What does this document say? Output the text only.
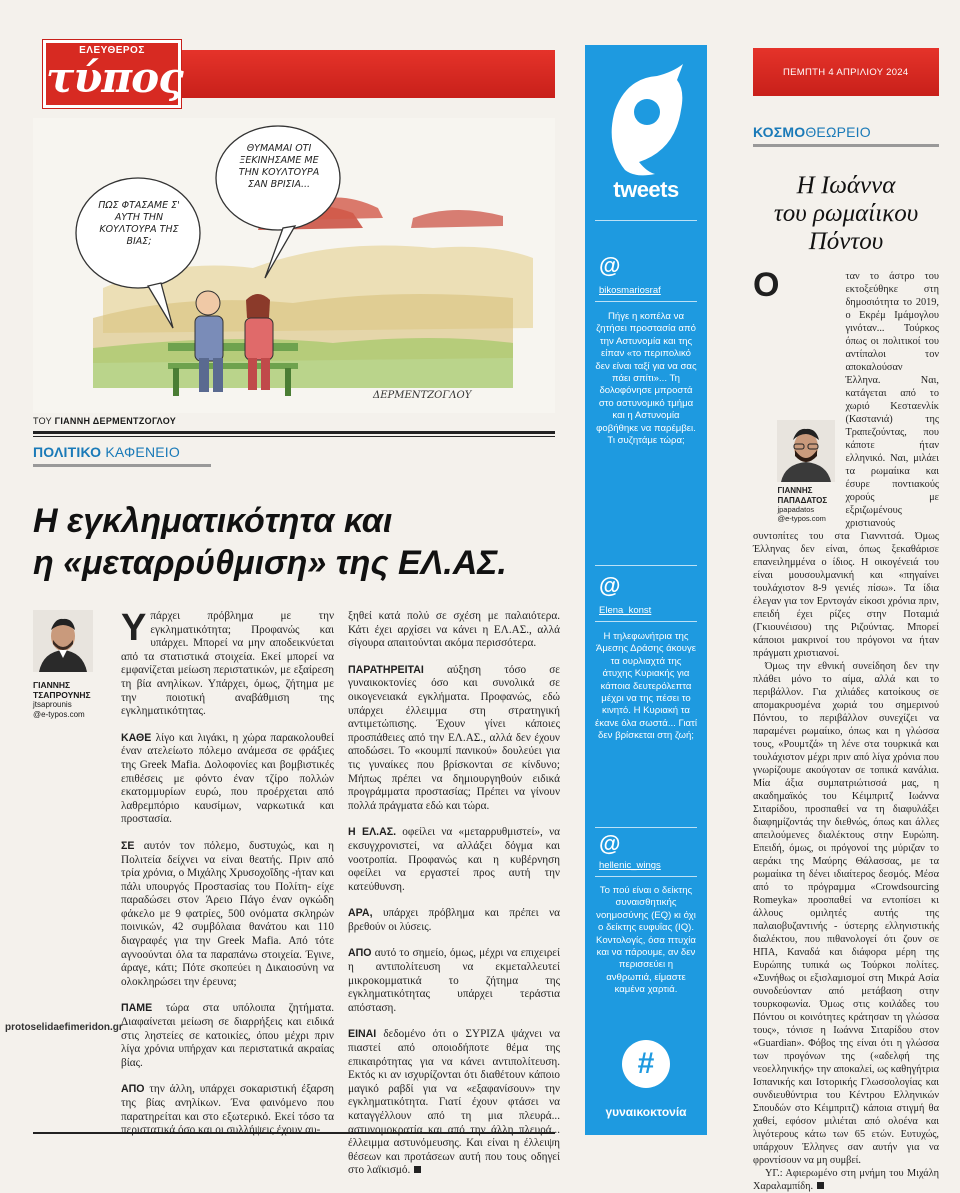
ΕΛΕΥΘΕΡΟΣ
τύπος
ΠΩΣ ΦΤΑΣΑΜΕ Σ' ΑΥΤΗ ΤΗΝ ΚΟΥΛΤΟΥΡΑ ΤΗΣ ΒΙΑΣ;
ΘΥΜΑΜΑΙ ΟΤΙ ΞΕΚΙΝΗΣΑΜΕ ΜΕ ΤΗΝ ΚΟΥΛΤΟΥΡΑ ΣΑΝ ΒΡΙΣΙΑ...
ΔΕΡΜΕΝΤΖΟΓΛΟΥ
ΤΟΥ ΓΙΑΝΝΗ ΔΕΡΜΕΝΤΖΟΓΛΟΥ
ΠΟΛΙΤΙΚΟ ΚΑΦΕΝΕΙΟ
Η εγκληματικότητα και
η «μεταρρύθμιση» της ΕΛ.ΑΣ.
ΓΙΑΝΝΗΣ
ΤΣΑΠΡΟΥΝΗΣ
jtsaprounis
@e-typos.com

Υπάρχει πρόβλημα με την εγκληματικότητα; Προφανώς και υπάρχει. Μπορεί να μην αποδεικνύεται από τα στατιστικά στοιχεία. Εκεί μπορεί να εμφανίζεται μείωση περιστατικών, με εξαίρεση τη βία ανηλίκων. Υπάρχει, όμως, ζήτημα με την ποιοτική αναβάθμιση της εγκληματικότητας.

ΚΑΘΕ λίγο και λιγάκι, η χώρα παρακολουθεί έναν ατελείωτο πόλεμο ανάμεσα σε φράξιες της Greek Mafia. Δολοφονίες και βομβιστικές επιθέσεις με φόντο έναν τζίρο πολλών εκατομμυρίων ευρώ, που προέρχεται από λαθρεμπόριο καυσίμων, ναρκωτικά και προστασία.

ΣΕ αυτόν τον πόλεμο, δυστυχώς, και η Πολιτεία δείχνει να είναι θεατής. Πριν από τρία χρόνια, ο Μιχάλης Χρυσοχοΐδης -ήταν και πάλι υπουργός Προστασίας του Πολίτη- είχε παραδώσει στον Άρειο Πάγο έναν ογκώδη φάκελο με 9 φατρίες, 500 ονόματα σκληρών ποινικών, 42 συμβόλαια θανάτου και 110 διαγραφές για την Greek Mafia. Από τότε αγνοούνται όλα τα παραπάνω στοιχεία. Έγινε, άραγε, κάτι; Πότε σκοπεύει η Δικαιοσύνη να ολοκληρώσει την έρευνα;

ΠΑΜΕ τώρα στα υπόλοιπα ζητήματα. Διαφαίνεται μείωση σε διαρρήξεις και ειδικά στις ληστείες σε κατοικίες, όπου μέχρι πριν λίγα χρόνια υπήρχαν και περιστατικά ακραίας βίας.

ΑΠΟ την άλλη, υπάρχει σοκαριστική έξαρση της βίας ανηλίκων. Ένα φαινόμενο που παρατηρείται και στο εξωτερικό. Εκεί τόσο τα περιστατικά όσο και οι συλλήψεις έχουν αυ-

ξηθεί κατά πολύ σε σχέση με παλαιότερα. Κάτι έχει αρχίσει να κάνει η ΕΛ.ΑΣ., αλλά σίγουρα απαιτούνται ακόμα περισσότερα.

ΠΑΡΑΤΗΡΕΙΤΑΙ αύξηση τόσο σε γυναικοκτονίες όσο και συνολικά σε οικογενειακά εγκλήματα. Προφανώς, εδώ υπάρχει έλλειμμα στη στρατηγική αντιμετώπισης. Έχουν γίνει κάποιες προσπάθειες από την ΕΛ.ΑΣ., αλλά δεν έχουν αποδώσει. Το «κουμπί πανικού» δουλεύει για τις γυναίκες που βρίσκονται σε κίνδυνο; Μήπως πρέπει να δημιουργηθούν ειδικά προγράμματα προστασίας; Πρέπει να γίνουν πολλά πράγματα εδώ και τώρα.

Η ΕΛ.ΑΣ. οφείλει να «μεταρρυθμιστεί», να εκσυγχρονιστεί, να αλλάξει δόγμα και νοοτροπία. Προφανώς και η κυβέρνηση οφείλει να εργαστεί προς αυτή την κατεύθυνση.

ΑΡΑ, υπάρχει πρόβλημα και πρέπει να βρεθούν οι λύσεις.

ΑΠΟ αυτό το σημείο, όμως, μέχρι να επιχειρεί η αντιπολίτευση να εκμεταλλευτεί μικροκομματικά το ζήτημα της εγκληματικότητας υπάρχει τεράστια απόσταση.

ΕΙΝΑΙ δεδομένο ότι ο ΣΥΡΙΖΑ ψάχνει να πιαστεί από οποιοδήποτε θέμα της επικαιρότητας για να κάνει αντιπολίτευση. Εκτός κι αν ισχυρίζονται ότι διαθέτουν κάποιο μαγικό ραβδί για να «εξαφανίσουν» την εγκληματικότητα. Γιατί έχουν φτάσει να καταγγέλλουν από τη μια πλευρά... αστυνομοκρατία και από την άλλη πλευρά... έλλειμμα αστυνόμευσης. Και είναι η έλλειψη θέσεων και προτάσεων αυτή που τους οδηγεί στο λαϊκισμό.

protoselidaefimeridon.gr
tweets
@
bikosmariosraf
Πήγε η κοπέλα να ζητήσει προστασία από την Αστυνομία και της είπαν «το περιπολικό δεν είναι ταξί για να σας πάει σπίτι»... Τη δολοφόνησε μπροστά στο αστυνομικό τμήμα και η Αστυνομία φοβήθηκε να παρέμβει. Τι συζητάμε τώρα;
@
Elena_konst
Η τηλεφωνήτρια της Άμεσης Δράσης άκουγε τα ουρλιαχτά της άτυχης Κυριακής για κάποια δευτερόλεπτα μέχρι να της πέσει το κινητό. Η Κυριακή τα έκανε όλα σωστά... Γιατί δεν βρίσκεται στη ζωή;
@
hellenic_wings
Το πού είναι ο δείκτης συναισθητικής νοημοσύνης (EQ) κι όχι ο δείκτης ευφυΐας (IQ). Κοντολογίς, όσα πτυχία και να πάρουμε, αν δεν περισσεύει η ανθρωπιά, είμαστε καμένα χαρτιά.
#
γυναικοκτονία
ΠΕΜΠΤΗ 4 ΑΠΡΙΛΙΟΥ 2024
ΚΟΣΜΟΘΕΩΡΕΙΟ
Η Ιωάννα
του ρωμαίικου
Πόντου

Ο
ΓΙΑΝΝΗΣ
ΠΑΠΑΔΑΤΟΣ
jpapadatos
@e-typos.com
ταν το άστρο του εκτοξεύθηκε στη δημοσιότητα το 2019, ο Εκρέμ Ιμάμογλου γινόταν... Τούρκος όπως οι πολιτικοί του αντίπαλοι τον αποκαλούσαν Έλληνα. Ναι, κατάγεται από το χωριό Κεσταενλίκ (Καστανιά) της Τραπεζούντας, που κάποτε ήταν ελληνικό. Ναι, μιλάει τα ρωμαίικα και έσυρε ποντιακούς χορούς με εξριζωμένους χριστιανούς συντοπίτες του στα Γιαννιτσά. Όμως Έλληνας δεν είναι, όπως ξεκαθάρισε επανειλημμένα ο ίδιος. Η οικογένειά του είναι μουσουλμανική και «πηγαίνει τουλάχιστον 8-9 γενιές πίσω». Τα ίδια έλεγαν για τον Ερντογάν είκοσι χρόνια πριν, επειδή έχει ρίζες στην Ποταμιά (Γκιουνέισου) της Ριζούντας. Μπορεί κάποιοι μακρινοί του πρόγονοι να ήταν πράγματι χριστιανοί.

Όμως την εθνική συνείδηση δεν την πλάθει μόνο το αίμα, αλλά και το περιβάλλον. Για χιλιάδες κατοίκους σε απομακρυσμένα χωριά του σημερινού Πόντου, το περιβάλλον συνεχίζει να παραμένει ρωμαίικο, όπως και η γλώσσα τους, «Ρουμτζά» τη λένε στα τουρκικά και τουλάχιστον μέχρι πριν από λίγα χρόνια που γνωρίζουμε ακούγοταν σε τοπικά κανάλια. Μία άξια συμπατριώτισσά μας, η ακαδημαϊκός του Κέιμπριτζ Ιωάννα Σιταρίδου, προσπαθεί να τη διαφυλάξει διαφημίζοντάς την διεθνώς, όπως και άλλες απειλούμενες διαλέκτους στην Ευρώπη. Επειδή, όμως, οι πρόγονοί της μύριζαν το αεράκι της Μαύρης Θάλασσας, με τα ρωμαίικα τη δένει ιδιαίτερος δεσμός. Μέσα από το πρόγραμμα «Crowdsourcing Romeyka» προσπαθεί να εντοπίσει κι άλλους ομιλητές αυτής της παλαιοβυζαντινής - ύστερης ελληνιστικής διαλέκτου, που πιθανολογεί ότι ζουν σε ΗΠΑ, Καναδά και διάφορα μέρη της Ευρώπης τυπικά ως Τούρκοι πολίτες. «Συνήθως οι εξισλαμισμοί στη Μικρά Ασία συνοδεύονταν από μετάβαση στην τουρκοφωνία. Όμως στις κοιλάδες του Πόντου οι κοινότητες κράτησαν τη γλώσσα τους», τόνισε η Ιωάννα Σιταρίδου στον «Guardian». Φόβος της είναι ότι η γλώσσα των προγόνων της («αδελφή της νεοελληνικής» την αποκαλεί, ως καθηγήτρια Ισπανικής και Ιστορικής Γλωσσολογίας και συνδιευθύντρια του Κέντρου Ελληνικών Σπουδών στο Κέιμπριτζ) κάποια στιγμή θα χαθεί, εφόσον μιλιέται από ολοένα και λιγότερους κάτω των 65 ετών. Ευτυχώς, υπάρχουν Έλληνες σαν αυτήν για να φροντίσουν να μη συμβεί.

ΥΓ.: Αφιερωμένο στη μνήμη του Μιχάλη Χαραλαμπίδη.
